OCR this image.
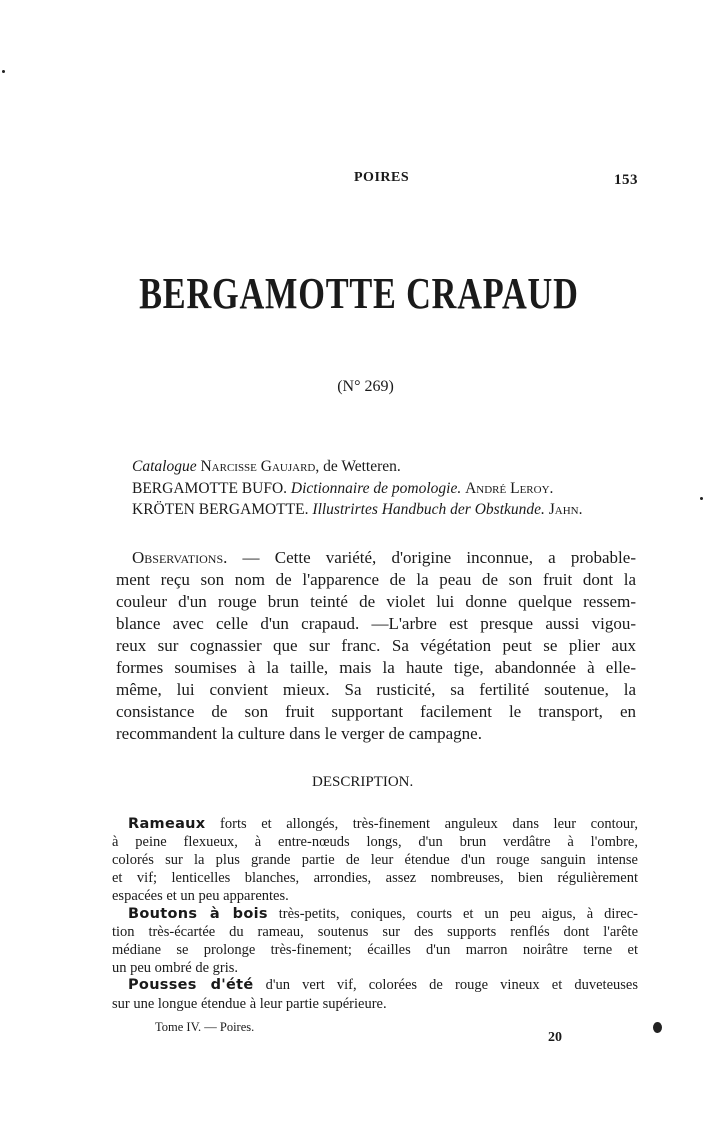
POIRES	153
BERGAMOTTE CRAPAUD
(N° 269)
Catalogue Narcisse Gaujard, de Wetteren.
BERGAMOTTE BUFO. Dictionnaire de pomologie. André Leroy.
KRÖTEN BERGAMOTTE. Illustrirtes Handbuch der Obstkunde. Jahn.
Observations. — Cette variété, d'origine inconnue, a probable-
ment reçu son nom de l'apparence de la peau de son fruit dont la
couleur d'un rouge brun teinté de violet lui donne quelque ressem-
blance avec celle d'un crapaud. —L'arbre est presque aussi vigou-
reux sur cognassier que sur franc. Sa végétation peut se plier aux
formes soumises à la taille, mais la haute tige, abandonnée à elle-
même, lui convient mieux. Sa rusticité, sa fertilité soutenue, la
consistance de son fruit supportant facilement le transport, en
recommandent la culture dans le verger de campagne.
DESCRIPTION.
Rameaux forts et allongés, très-finement anguleux dans leur contour,
à peine flexueux, à entre-nœuds longs, d'un brun verdâtre à l'ombre,
colorés sur la plus grande partie de leur étendue d'un rouge sanguin intense
et vif; lenticelles blanches, arrondies, assez nombreuses, bien régulièrement
espacées et un peu apparentes.
Boutons à bois très-petits, coniques, courts et un peu aigus, à direc-
tion très-écartée du rameau, soutenus sur des supports renflés dont l'arête
médiane se prolonge très-finement; écailles d'un marron noirâtre terne et
un peu ombré de gris.
Pousses d'été d'un vert vif, colorées de rouge vineux et duveteuses
sur une longue étendue à leur partie supérieure.
Tome IV. — Poires.
20
